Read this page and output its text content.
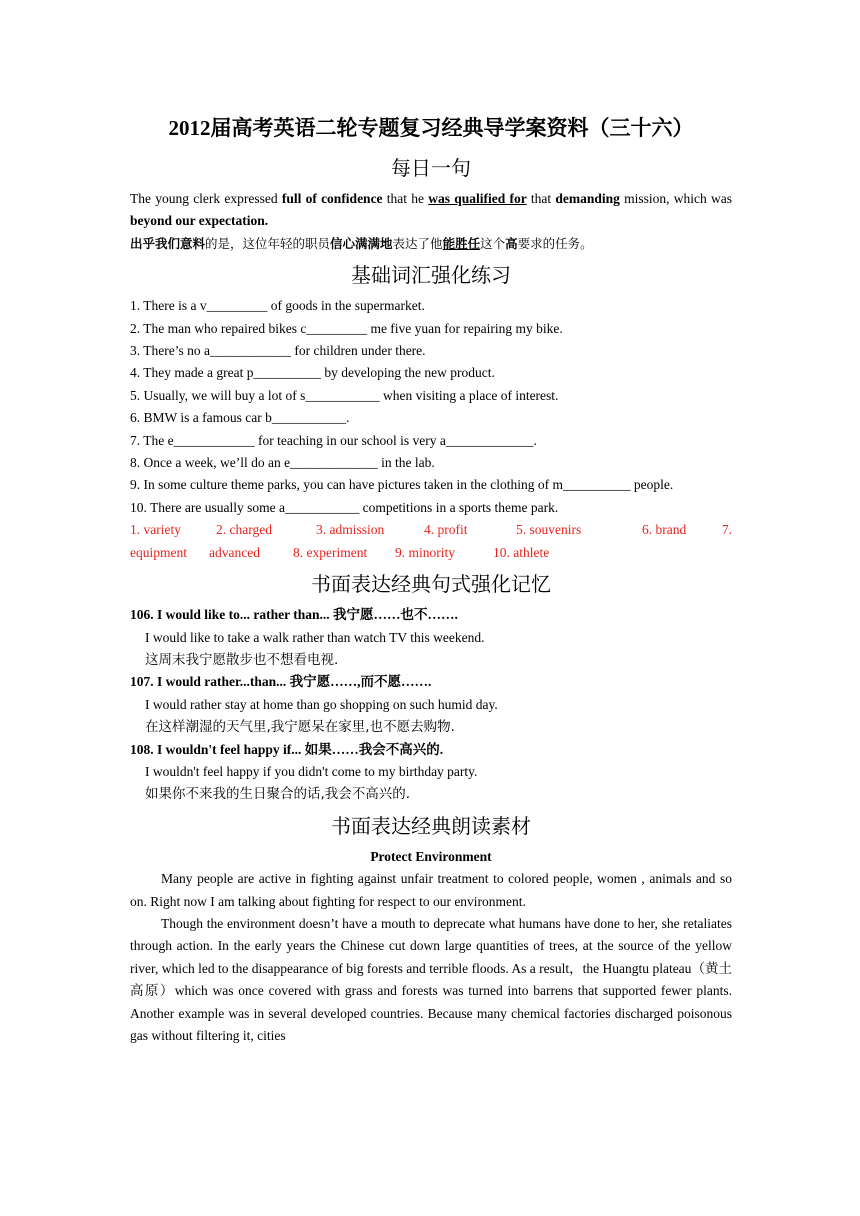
2012届高考英语二轮专题复习经典导学案资料（三十六）
每日一句

The young clerk expressed full of confidence that he was qualified for that demanding mission, which was beyond our expectation.

出乎我们意料的是，这位年轻的职员信心满满地表达了他能胜任这个高要求的任务。

基础词汇强化练习

1. There is a v_________ of goods in the supermarket.

2. The man who repaired bikes c_________ me five yuan for repairing my bike.

3. There’s no a____________ for children under there.

4. They made a great p__________ by developing the new product.

5. Usually, we will buy a lot of s___________ when visiting a place of interest.

6. BMW is a famous car b___________.

7. The e____________ for teaching in our school is very a_____________.

8. Once a week, we’ll do an e_____________ in the lab.

9. In some culture theme parks, you can have pictures taken in the clothing of m__________ people.

10. There are usually some a___________ competitions in a sports theme park.

1. variety	2. charged	3. admission	4. profit	5. souvenirs	6. brand	7.
equipment	advanced	8. experiment	9. minority	10. athlete
书面表达经典句式强化记忆

106. I would like to... rather than... 我宁愿……也不…….

I would like to take a walk rather than watch TV this weekend.

这周末我宁愿散步也不想看电视.

107. I would rather...than... 我宁愿……,而不愿…….

I would rather stay at home than go shopping on such humid day.

在这样潮湿的天气里,我宁愿呆在家里,也不愿去购物.

108. I wouldn't feel happy if... 如果……我会不高兴的.

I wouldn't feel happy if you didn't come to my birthday party.

如果你不来我的生日聚合的话,我会不高兴的.

书面表达经典朗读素材

Protect Environment

Many people are active in fighting against unfair treatment to colored people, women , animals and so on. Right now I am talking about fighting for respect to our environment.

Though the environment doesn’t have a mouth to deprecate what humans have done to her, she retaliates through action. In the early years the Chinese cut down large quantities of trees, at the source of the yellow river, which led to the disappearance of big forests and terrible floods. As a result，the Huangtu plateau（黄土高原）which was once covered with grass and forests was turned into barrens that supported fewer plants. Another example was in several developed countries. Because many chemical factories discharged poisonous gas without filtering it, cities
